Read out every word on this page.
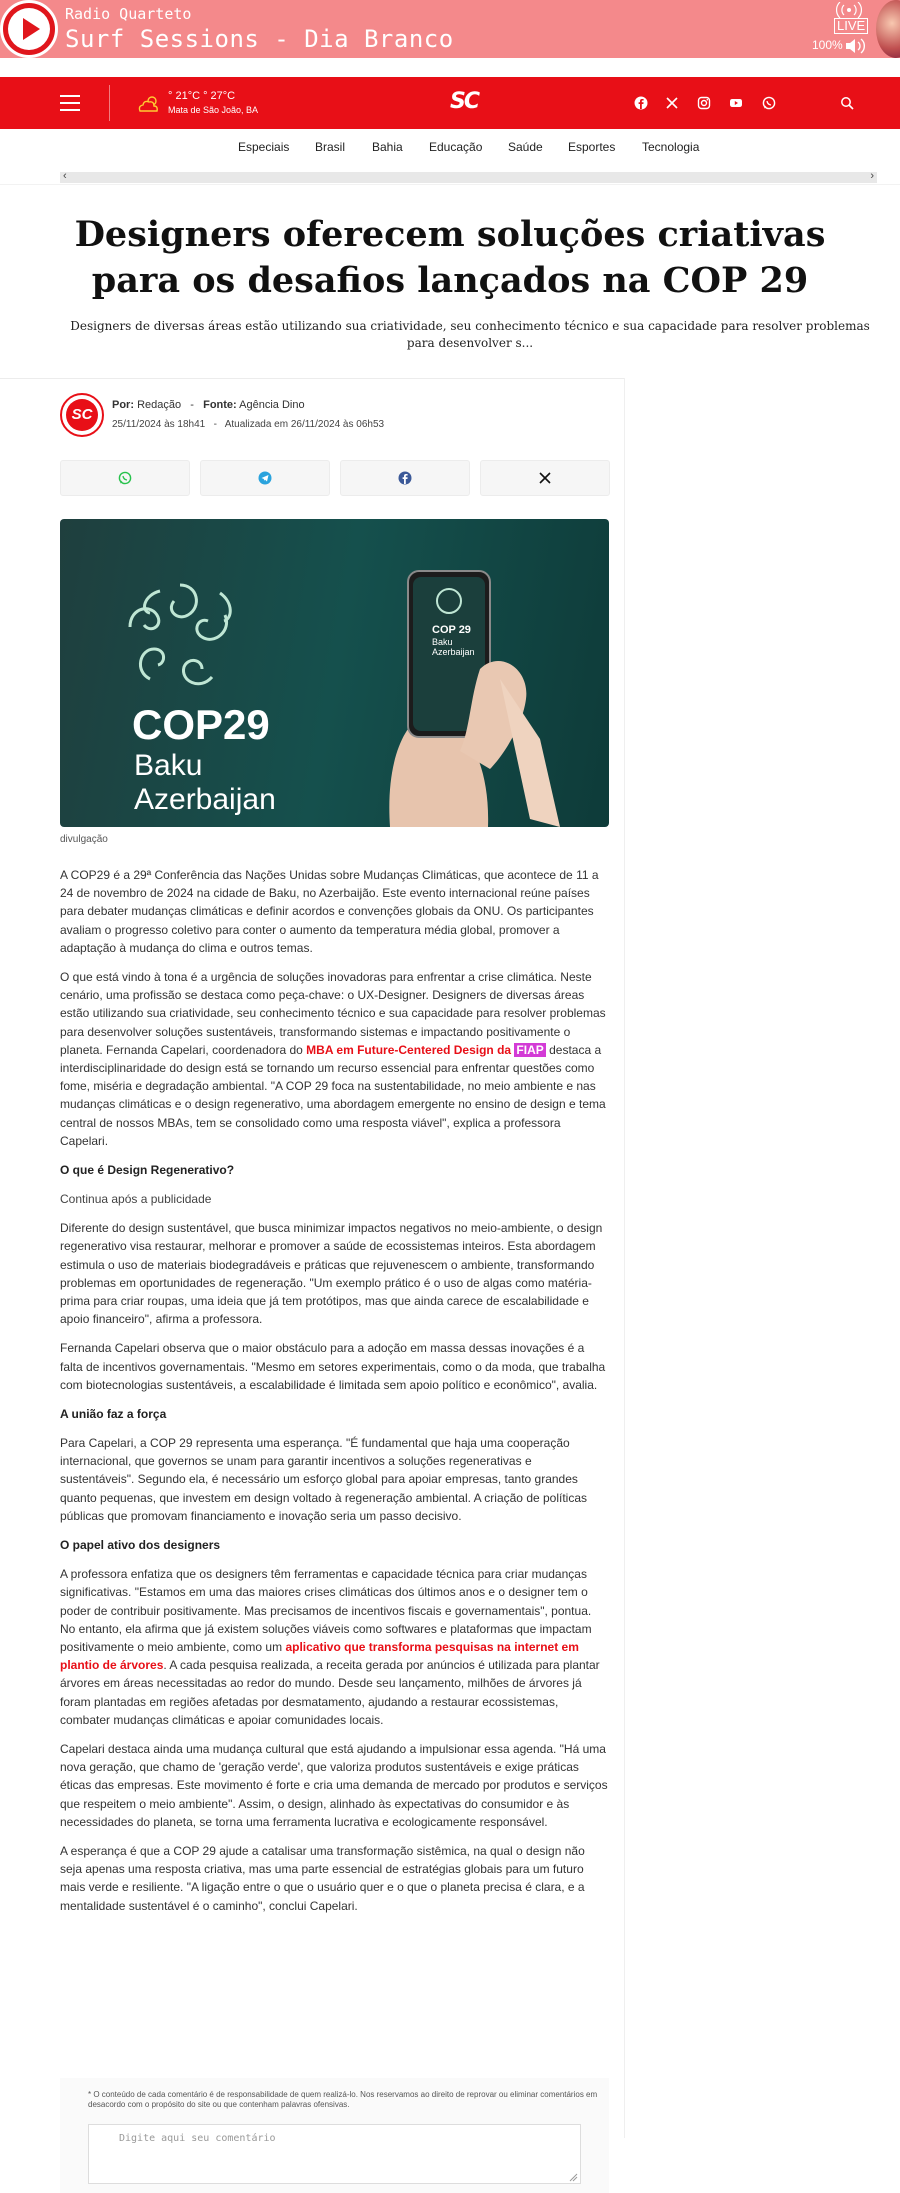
Radio Quarteto
Surf Sessions - Dia Branco	LIVE
100%
° 21°C ° 27°C
Mata de São João, BA	SC
Especiais Brasil Bahia Educação Saúde Esportes Tecnologia
‹	›
Designers oferecem soluções criativas para os desafios lançados na COP 29
Designers de diversas áreas estão utilizando sua criatividade, seu conhecimento técnico e sua capacidade para resolver problemas para desenvolver s...
SC
Por: Redação   -   Fonte: Agência Dino
25/11/2024 às 18h41   -   Atualizada em 26/11/2024 às 06h53
COP29
Baku
Azerbaijan
COP 29
Baku
Azerbaijan
divulgação

A COP29 é a 29ª Conferência das Nações Unidas sobre Mudanças Climáticas, que acontece de 11 a 24 de novembro de 2024 na cidade de Baku, no Azerbaijão. Este evento internacional reúne países para debater mudanças climáticas e definir acordos e convenções globais da ONU. Os participantes avaliam o progresso coletivo para conter o aumento da temperatura média global, promover a adaptação à mudança do clima e outros temas.

O que está vindo à tona é a urgência de soluções inovadoras para enfrentar a crise climática. Neste cenário, uma profissão se destaca como peça-chave: o UX-Designer. Designers de diversas áreas estão utilizando sua criatividade, seu conhecimento técnico e sua capacidade para resolver problemas para desenvolver soluções sustentáveis, transformando sistemas e impactando positivamente o planeta. Fernanda Capelari, coordenadora do MBA em Future-Centered Design da FIAP destaca a interdisciplinaridade do design está se tornando um recurso essencial para enfrentar questões como fome, miséria e degradação ambiental. "A COP 29 foca na sustentabilidade, no meio ambiente e nas mudanças climáticas e o design regenerativo, uma abordagem emergente no ensino de design e tema central de nossos MBAs, tem se consolidado como uma resposta viável", explica a professora Capelari.

O que é Design Regenerativo?

Continua após a publicidade

Diferente do design sustentável, que busca minimizar impactos negativos no meio-ambiente, o design regenerativo visa restaurar, melhorar e promover a saúde de ecossistemas inteiros. Esta abordagem estimula o uso de materiais biodegradáveis e práticas que rejuvenescem o ambiente, transformando problemas em oportunidades de regeneração. "Um exemplo prático é o uso de algas como matéria-prima para criar roupas, uma ideia que já tem protótipos, mas que ainda carece de escalabilidade e apoio financeiro", afirma a professora.

Fernanda Capelari observa que o maior obstáculo para a adoção em massa dessas inovações é a falta de incentivos governamentais. "Mesmo em setores experimentais, como o da moda, que trabalha com biotecnologias sustentáveis, a escalabilidade é limitada sem apoio político e econômico", avalia.

A união faz a força

Para Capelari, a COP 29 representa uma esperança. "É fundamental que haja uma cooperação internacional, que governos se unam para garantir incentivos a soluções regenerativas e sustentáveis". Segundo ela, é necessário um esforço global para apoiar empresas, tanto grandes quanto pequenas, que investem em design voltado à regeneração ambiental. A criação de políticas públicas que promovam financiamento e inovação seria um passo decisivo.

O papel ativo dos designers

A professora enfatiza que os designers têm ferramentas e capacidade técnica para criar mudanças significativas. "Estamos em uma das maiores crises climáticas dos últimos anos e o designer tem o poder de contribuir positivamente. Mas precisamos de incentivos fiscais e governamentais", pontua. No entanto, ela afirma que já existem soluções viáveis como softwares e plataformas que impactam positivamente o meio ambiente, como um aplicativo que transforma pesquisas na internet em plantio de árvores. A cada pesquisa realizada, a receita gerada por anúncios é utilizada para plantar árvores em áreas necessitadas ao redor do mundo. Desde seu lançamento, milhões de árvores já foram plantadas em regiões afetadas por desmatamento, ajudando a restaurar ecossistemas, combater mudanças climáticas e apoiar comunidades locais.

Capelari destaca ainda uma mudança cultural que está ajudando a impulsionar essa agenda. "Há uma nova geração, que chamo de 'geração verde', que valoriza produtos sustentáveis e exige práticas éticas das empresas. Este movimento é forte e cria uma demanda de mercado por produtos e serviços que respeitem o meio ambiente". Assim, o design, alinhado às expectativas do consumidor e às necessidades do planeta, se torna uma ferramenta lucrativa e ecologicamente responsável.

A esperança é que a COP 29 ajude a catalisar uma transformação sistêmica, na qual o design não seja apenas uma resposta criativa, mas uma parte essencial de estratégias globais para um futuro mais verde e resiliente. "A ligação entre o que o usuário quer e o que o planeta precisa é clara, e a mentalidade sustentável é o caminho", conclui Capelari.

* O conteúdo de cada comentário é de responsabilidade de quem realizá-lo. Nos reservamos ao direito de reprovar ou eliminar comentários em desacordo com o propósito do site ou que contenham palavras ofensivas.
Digite aqui seu comentário
